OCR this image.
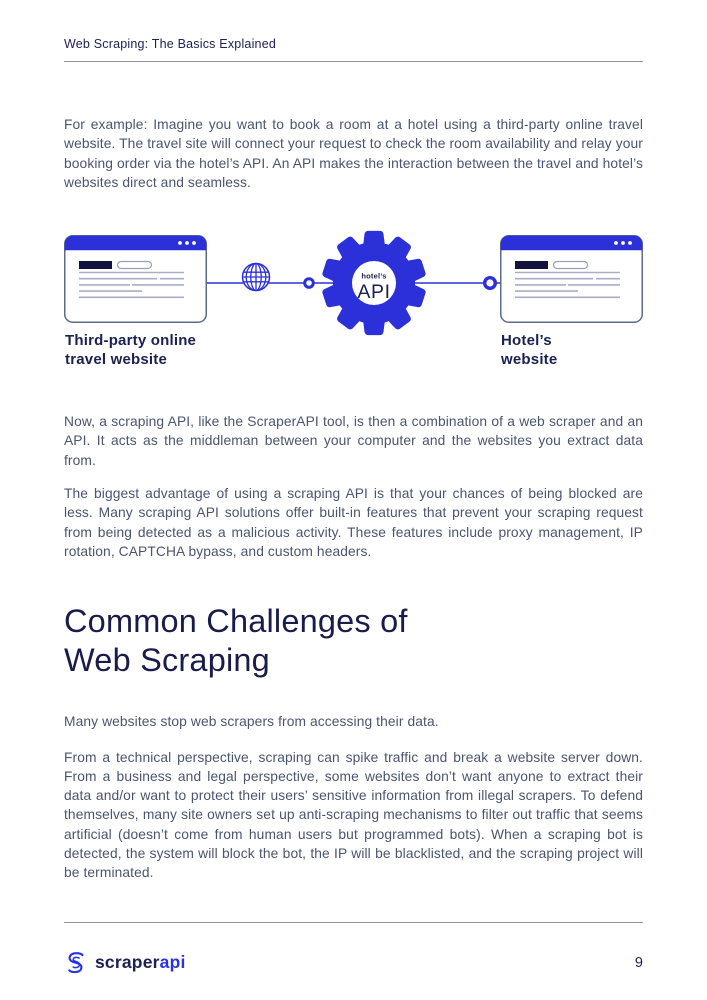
Web Scraping: The Basics Explained

For example: Imagine you want to book a room at a hotel using a third-party online travel website. The travel site will connect your request to check the room availability and relay your booking order via the hotel’s API. An API makes the interaction between the travel and hotel’s websites direct and seamless.

hotel’s
API
Third-party online
travel website
Hotel’s
website

Now, a scraping API, like the ScraperAPI tool, is then a combination of a web scraper and an API. It acts as the middleman between your computer and the websites you extract data from.

The biggest advantage of using a scraping API is that your chances of being blocked are less. Many scraping API solutions offer built-in features that prevent your scraping request from being detected as a malicious activity. These features include proxy management, IP rotation, CAPTCHA bypass, and custom headers.

Common Challenges of
Web Scraping

Many websites stop web scrapers from accessing their data.

From a technical perspective, scraping can spike traffic and break a website server down. From a business and legal perspective, some websites don’t want anyone to extract their data and/or want to protect their users’ sensitive information from illegal scrapers. To defend themselves, many site owners set up anti-scraping mechanisms to filter out traffic that seems artificial (doesn’t come from human users but programmed bots). When a scraping bot is detected, the system will block the bot, the IP will be blacklisted, and the scraping project will be terminated.

scraperapi	9
